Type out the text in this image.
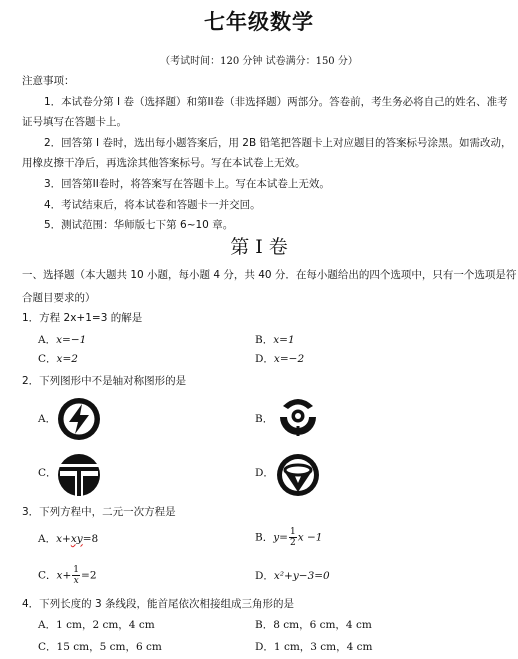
七年级数学
（考试时间：120 分钟 试卷满分：150 分）
注意事项：
1．本试卷分第 I 卷（选择题）和第II卷（非选择题）两部分。答卷前，考生务必将自己的姓名、准考
证号填写在答题卡上。
2．回答第 I 卷时，选出每小题答案后，用 2B 铅笔把答题卡上对应题目的答案标号涂黑。如需改动，
用橡皮擦干净后，再选涂其他答案标号。写在本试卷上无效。
3．回答第II卷时，将答案写在答题卡上。写在本试卷上无效。
4．考试结束后，将本试卷和答题卡一并交回。
5．测试范围：华师版七下第 6~10 章。
第 I 卷
一、选择题（本大题共 10 小题，每小题 4 分，共 40 分．在每小题给出的四个选项中，只有一个选项是符
合题目要求的）
1．方程 2x+1=3 的解是
A．x=−1	B．x=1
C．x=2	D．x=−2
2．下列图形中不是轴对称图形的是
A．	B．
C．	D．
3．下列方程中，二元一次方程是
A．x+xy=8	B．$y= \frac{1}{2}$ x −1
C．$x+ \frac{1}{x} =2$	D．x²+y−3=0
4．下列长度的 3 条线段，能首尾依次相接组成三角形的是
A．1 cm，2 cm，4 cm	B．8 cm，6 cm，4 cm
C．15 cm，5 cm，6 cm	D．1 cm，3 cm，4 cm
